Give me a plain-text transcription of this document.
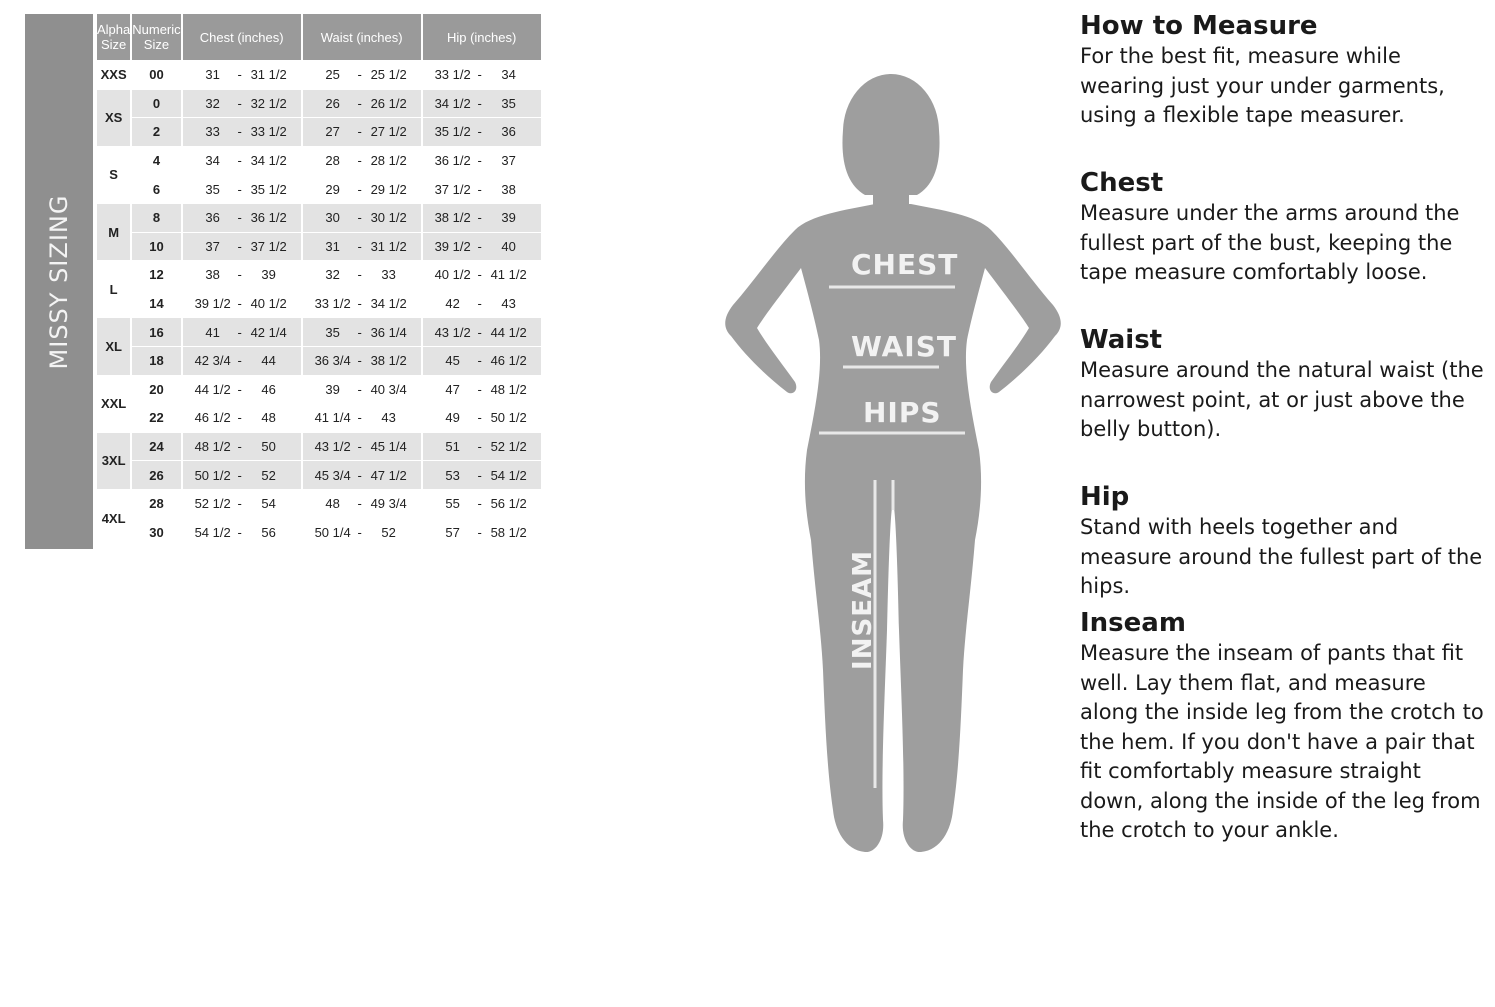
MISSY SIZING
Alpha Size	Numeric Size	Chest (inches)	Waist (inches)	Hip (inches)
XXS	00	31 - 31 1/2	25 - 25 1/2	33 1/2 - 34

XS	0	32 - 32 1/2	26 - 26 1/2	34 1/2 - 35

	2	33 - 33 1/2	27 - 27 1/2	35 1/2 - 36

S	4	34 - 34 1/2	28 - 28 1/2	36 1/2 - 37

	6	35 - 35 1/2	29 - 29 1/2	37 1/2 - 38

M	8	36 - 36 1/2	30 - 30 1/2	38 1/2 - 39

	10	37 - 37 1/2	31 - 31 1/2	39 1/2 - 40

L	12	38 - 39	32 - 33	40 1/2 - 41 1/2

	14	39 1/2 - 40 1/2	33 1/2 - 34 1/2	42 - 43

XL	16	41 - 42 1/4	35 - 36 1/4	43 1/2 - 44 1/2

	18	42 3/4 - 44	36 3/4 - 38 1/2	45 - 46 1/2

XXL	20	44 1/2 - 46	39 - 40 3/4	47 - 48 1/2

	22	46 1/2 - 48	41 1/4 - 43	49 - 50 1/2

3XL	24	48 1/2 - 50	43 1/2 - 45 1/4	51 - 52 1/2

	26	50 1/2 - 52	45 3/4 - 47 1/2	53 - 54 1/2

4XL	28	52 1/2 - 54	48 - 49 3/4	55 - 56 1/2

	30	54 1/2 - 56	50 1/4 - 52	57 - 58 1/2
CHEST
WAIST
HIPS
INSEAM
How to Measure

For the best fit, measure while wearing just your under garments, using a flexible tape measurer.

Chest

Measure under the arms around the fullest part of the bust, keeping the tape measure comfortably loose.

Waist

Measure around the natural waist (the narrowest point, at or just above the belly button).

Hip

Stand with heels together and measure around the fullest part of the hips.

Inseam

Measure the inseam of pants that fit well. Lay them flat, and measure along the inside leg from the crotch to the hem. If you don't have a pair that fit comfortably measure straight down, along the inside of the leg from the crotch to your ankle.
